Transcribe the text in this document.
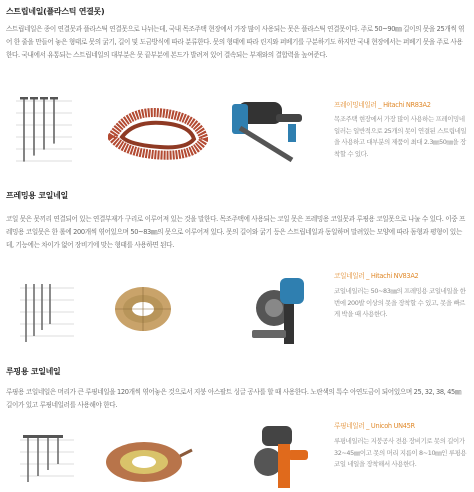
스트립네일(플라스틱 연결못)
스트립네일은 종이 연결못과 플라스틱 연결못으로 나뉘는데, 국내 목조주택 현장에서 가장 많이 사용되는 못은 플라스틱 연결못이다. 주로 50~90㎜ 길이의 못을 25개씩 엮어 한 줄을 만들어 놓은 형태로 못의 굵기, 길이 및 도금방식에 따라 분류한다. 못의 형태에 따라 린지와 퍼베기를 구분하기도 하지만 국내 현장에서는 퍼베기 못을 주로 사용한다. 국내에서 유통되는 스트립네일의 대부분은 못 끝부분에 본드가 발려져 있어 결속되는 부재와의 결합력을 높여준다.
프레이밍네일러 _ Hitachi NR83A2
목조주택 현장에서 가장 많이 사용하는 프레이밍네일러는 일반적으로 25개의 못이 연결된 스트립네일을 사용하고 대부분의 제품이 최대 2.3㎜50㎜을 장착할 수 있다.
프레밍용 코일네일
코일 못은 못끼리 연결되어 있는 연결부재가 구리로 이루어져 있는 것을 말한다. 목조주택에 사용되는 코일 못은 프레밍용 코일못과 루핑용 코일못으로 나눌 수 있다. 이중 프레밍용 코일못은 한 롤에 200개씩 엮어있으며 50~83㎜의 못으로 이루어져 있다. 못의 길이와 굵기 등은 스트립네일과 동일하며 말려있는 모양에 따라 돔형과 평형이 있는데, 기능에는 차이가 없어 장비기에 맞는 형태를 사용하면 된다.
코일네일러 _ Hitachi NV83A2
코일네일러는 50~83㎜의 프레밍용 코일네일을 한 번에 200발 이상의 못을 장착할 수 있고, 못을 빠르게 박을 때 사용한다.
루핑용 코일네일
루핑용 코일네일은 머리가 큰 루핑네일을 120개씩 엮어놓은 것으로서 지붕 아스팔트 싱글 공사를 할 때 사용한다. 노란색의 특수 아연도금이 되어있으며 25, 32, 38, 45㎜ 길이가 있고 루핑네일러를 사용해야 한다.
루핑네일러 _ Unicoh UN45R
루핑네일러는 지붕공사 전용 장비기로 못의 길이가 32~45㎜이고 못의 머리 지름이 8~10㎜인 루핑용 코일 네일을 장착해서 사용한다.
